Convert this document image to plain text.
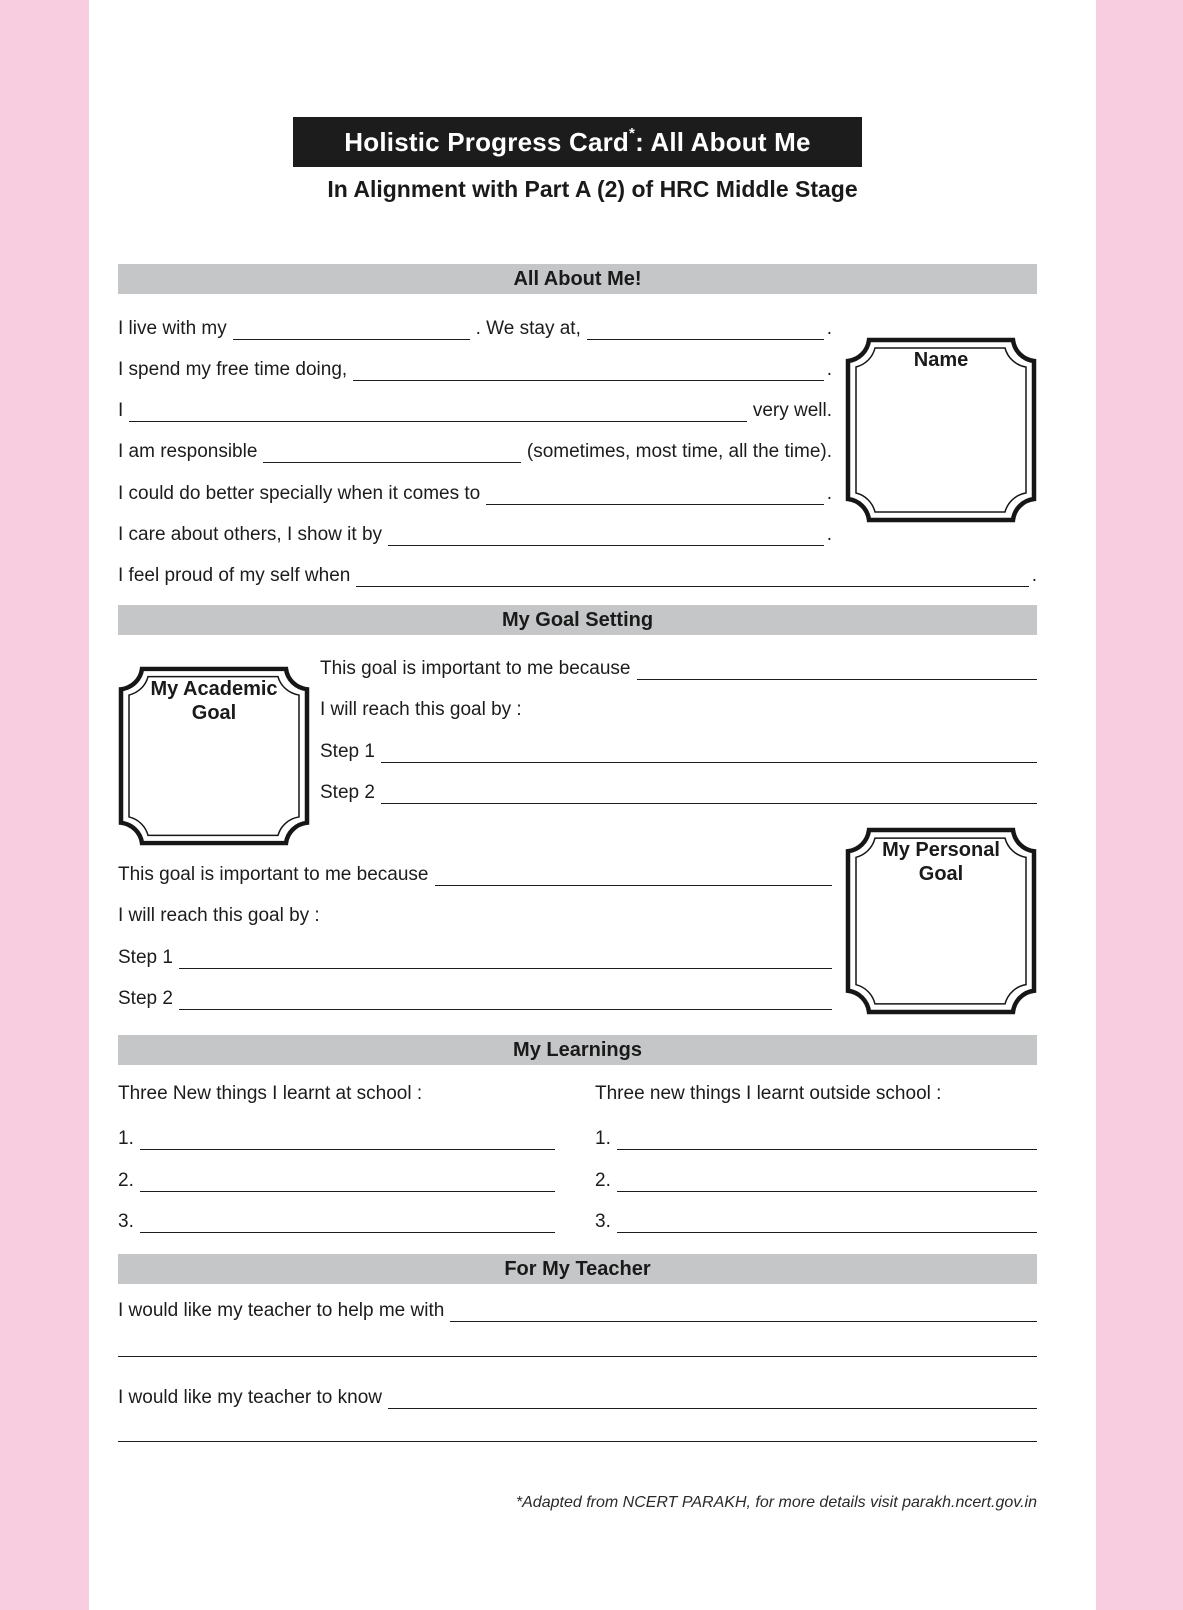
Holistic Progress Card * : All About Me
In Alignment with Part A (2) of HRC Middle Stage
All About Me!
I live with my	. We stay at,	.
I spend my free time doing,	.
I	very well.
I am responsible	(sometimes, most time, all the time).
I could do better specially when it comes to	.
I care about others, I show it by	.
I feel proud of my self when	.
Name
My Goal Setting
My Academic Goal
This goal is important to me because
I will reach this goal by :
Step 1
Step 2
My Personal Goal
This goal is important to me because
I will reach this goal by :
Step 1
Step 2
My Learnings
Three New things I learnt at school :	Three new things I learnt outside school :
1.
2.
3.
1.
2.
3.
For My Teacher
I would like my teacher to help me with
I would like my teacher to know
*Adapted from NCERT PARAKH, for more details visit parakh.ncert.gov.in
